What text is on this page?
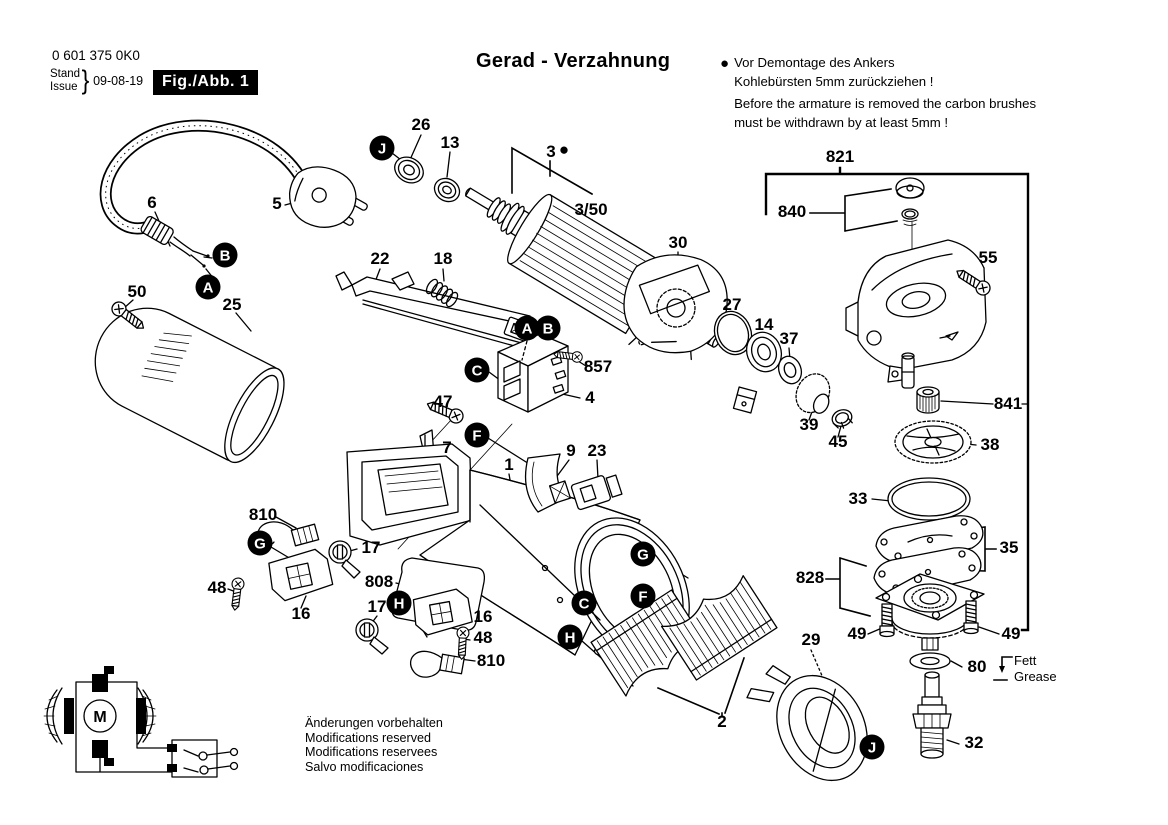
0 601 375 0K0
Stand
Issue } 09-08-19	Fig./Abb. 1
Gerad - Verzahnung	● Vor Demontage des Ankers
Kohlebürsten 5mm zurückziehen !
Before the armature is removed the carbon brushes
must be withdrawn by at least 5mm !
Änderungen vorbehalten
Modifications reserved
Modifications reservees
Salvo modificaciones
M
Fett
Grease
26
13	3 ●
3/50
821
840
55
30
27
14
37
39
45
841
38
33
35
828
49	49
80
32
29
2
6	5
50
25
22	18
857
4
47
7
1
9 23
810
17
48
16
808
17
16
48
810
J
B
A
A B
C
F
G
H
G
F
C
H
J
